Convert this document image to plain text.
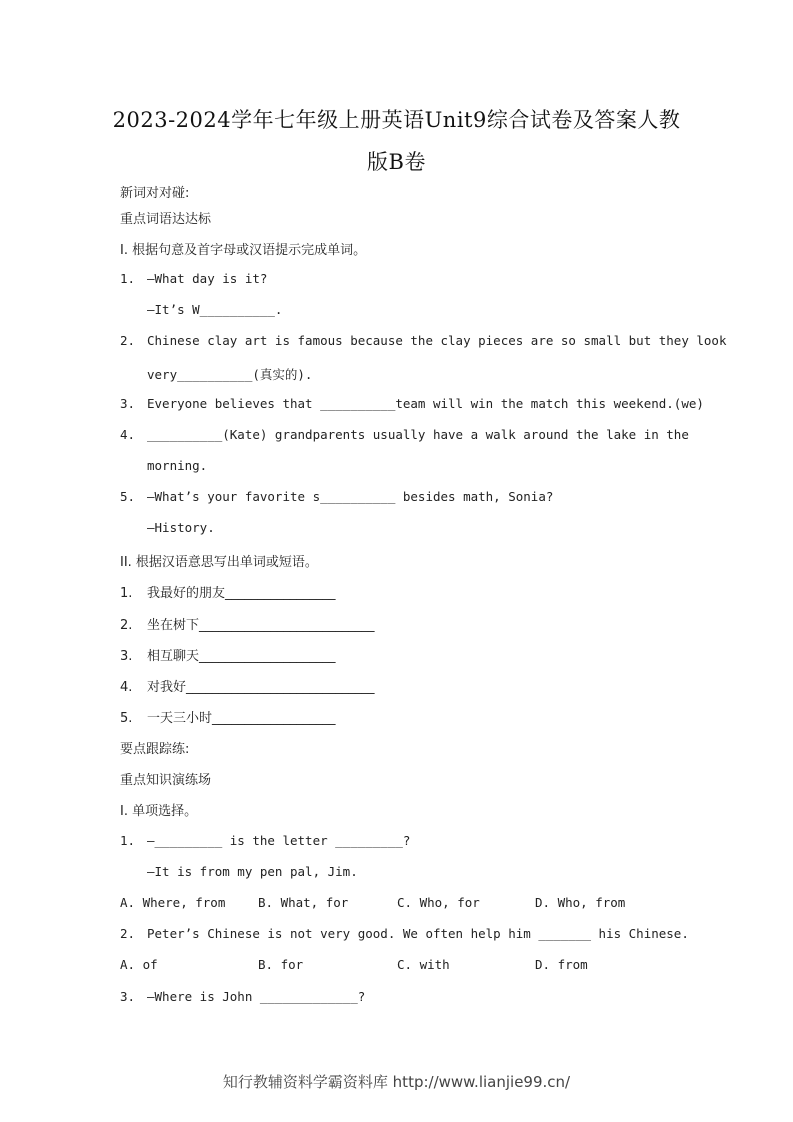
2023-2024学年七年级上册英语Unit9综合试卷及答案人教
版B卷
新词对对碰:
重点词语达达标
I. 根据句意及首字母或汉语提示完成单词。
1. —What day is it?
—It’s W__________.
2. Chinese clay art is famous because the clay pieces are so small but they look
very__________(真实的).
3. Everyone believes that __________team will win the match this weekend.(we)
4. __________(Kate) grandparents usually have a walk around the lake in the
morning.
5. —What’s your favorite s__________ besides math, Sonia?
—History.
II. 根据汉语意思写出单词或短语。
1. 我最好的朋友_________________
2. 坐在树下___________________________
3. 相互聊天_____________________
4. 对我好_____________________________
5. 一天三小时___________________
要点跟踪练:
重点知识演练场
I. 单项选择。
1. —_________ is the letter _________?
—It is from my pen pal, Jim.
A. Where, from	B. What, for	C. Who, for	D. Who, from
2. Peter’s Chinese is not very good. We often help him _______ his Chinese.
A. of	B. for	C. with	D. from
3. —Where is John _____________?
知行教辅资料学霸资料库 http://www.lianjie99.cn/
